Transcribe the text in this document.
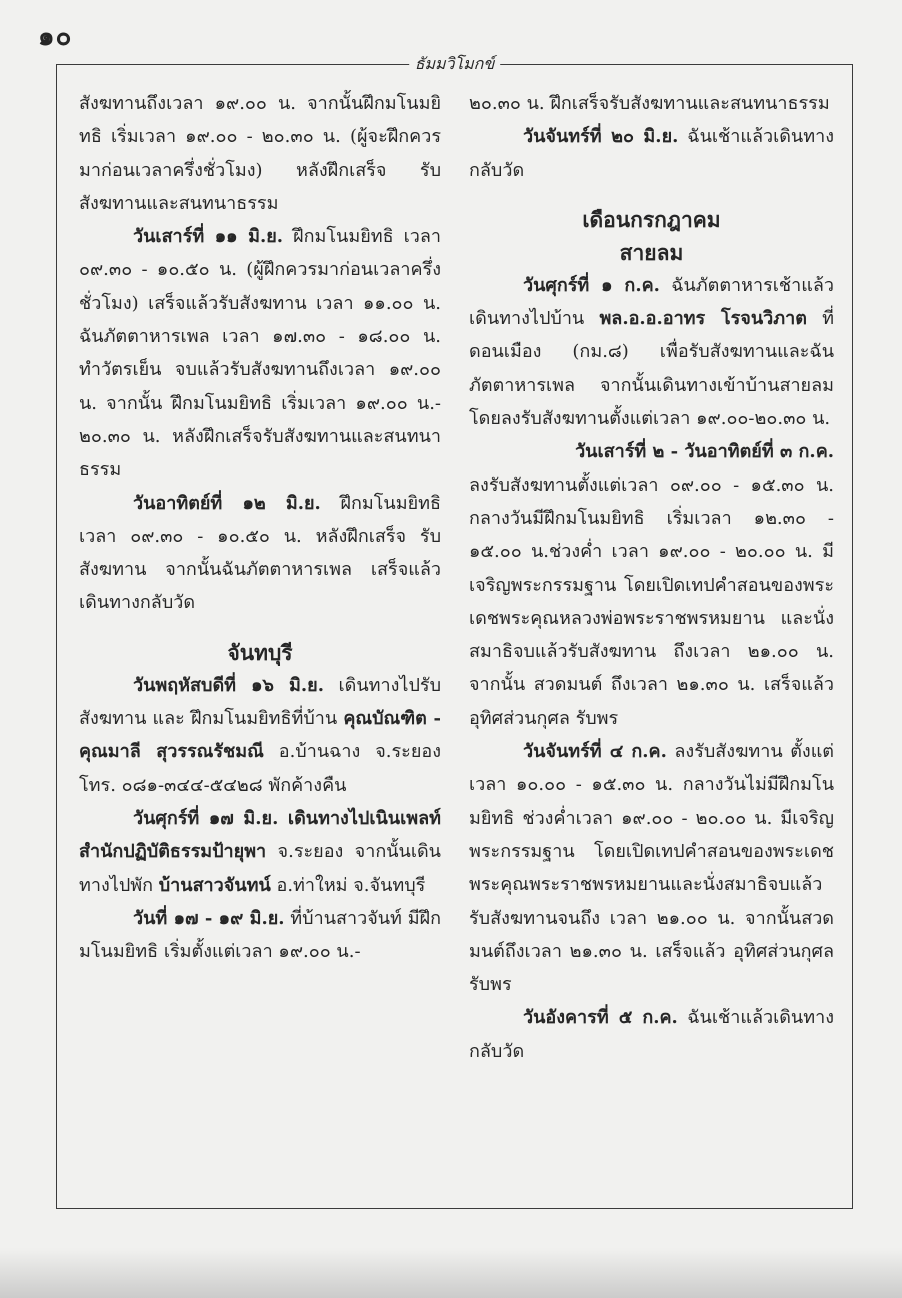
๑๐
ธัมมวิโมกข์

สังฆทานถึงเวลา ๑๙.๐๐ น. จากนั้นฝึกมโนมยิทธิ เริ่มเวลา ๑๙.๐๐ - ๒๐.๓๐ น. (ผู้จะฝึกควรมาก่อนเวลาครึ่งชั่วโมง) หลังฝึกเสร็จ รับสังฆทานและสนทนาธรรม

วันเสาร์ที่ ๑๑ มิ.ย. ฝึกมโนมยิทธิ เวลา ๐๙.๓๐ - ๑๐.๕๐ น. (ผู้ฝึกควรมาก่อนเวลาครึ่งชั่วโมง) เสร็จแล้วรับสังฆทาน เวลา ๑๑.๐๐ น. ฉันภัตตาหารเพล เวลา ๑๗.๓๐ - ๑๘.๐๐ น. ทำวัตรเย็น จบแล้วรับสังฆทานถึงเวลา ๑๙.๐๐ น. จากนั้น ฝึกมโนมยิทธิ เริ่มเวลา ๑๙.๐๐ น.- ๒๐.๓๐ น. หลังฝึกเสร็จรับสังฆทานและสนทนาธรรม

วันอาทิตย์ที่ ๑๒ มิ.ย. ฝึกมโนมยิทธิ เวลา ๐๙.๓๐ - ๑๐.๕๐ น. หลังฝึกเสร็จ รับสังฆทาน จากนั้นฉันภัตตาหารเพล เสร็จแล้วเดินทางกลับวัด

จันทบุรี

วันพฤหัสบดีที่ ๑๖ มิ.ย. เดินทางไปรับสังฆทาน และ ฝึกมโนมยิทธิที่บ้าน คุณบัณฑิต - คุณมาลี สุวรรณรัชมณี อ.บ้านฉาง จ.ระยอง โทร. ๐๘๑-๓๔๔-๕๔๒๘ พักค้างคืน

วันศุกร์ที่ ๑๗ มิ.ย. เดินทางไปเนินเพลท์สำนักปฏิบัติธรรมป้ายุพา จ.ระยอง จากนั้นเดินทางไปพัก บ้านสาวจันทน์ อ.ท่าใหม่ จ.จันทบุรี

วันที่ ๑๗ - ๑๙ มิ.ย. ที่บ้านสาวจันท์ มีฝึกมโนมยิทธิ เริ่มตั้งแต่เวลา ๑๙.๐๐ น.-

๒๐.๓๐ น. ฝึกเสร็จรับสังฆทานและสนทนาธรรม

วันจันทร์ที่ ๒๐ มิ.ย. ฉันเช้าแล้วเดินทางกลับวัด

เดือนกรกฎาคม

สายลม

วันศุกร์ที่ ๑ ก.ค. ฉันภัตตาหารเช้าแล้ว เดินทางไปบ้าน พล.อ.อ.อาทร โรจนวิภาต ที่ดอนเมือง (กม.๘) เพื่อรับสังฆทานและฉันภัตตาหารเพล จากนั้นเดินทางเข้าบ้านสายลม โดยลงรับสังฆทานตั้งแต่เวลา ๑๙.๐๐-๒๐.๓๐ น.

วันเสาร์ที่ ๒ - วันอาทิตย์ที่ ๓ ก.ค.

ลงรับสังฆทานตั้งแต่เวลา ๐๙.๐๐ - ๑๕.๓๐ น. กลางวันมีฝึกมโนมยิทธิ เริ่มเวลา ๑๒.๓๐ - ๑๕.๐๐ น.ช่วงค่ำ เวลา ๑๙.๐๐ - ๒๐.๐๐ น. มีเจริญพระกรรมฐาน โดยเปิดเทปคำสอนของพระเดชพระคุณหลวงพ่อพระราชพรหมยาน และนั่งสมาธิจบแล้วรับสังฆทาน ถึงเวลา ๒๑.๐๐ น. จากนั้น สวดมนต์ ถึงเวลา ๒๑.๓๐ น. เสร็จแล้ว อุทิศส่วนกุศล รับพร

วันจันทร์ที่ ๔ ก.ค. ลงรับสังฆทาน ตั้งแต่เวลา ๑๐.๐๐ - ๑๕.๓๐ น. กลางวันไม่มีฝึกมโนมยิทธิ ช่วงค่ำเวลา ๑๙.๐๐ - ๒๐.๐๐ น. มีเจริญพระกรรมฐาน โดยเปิดเทปคำสอนของพระเดชพระคุณพระราชพรหมยานและนั่งสมาธิจบแล้วรับสังฆทานจนถึง เวลา ๒๑.๐๐ น. จากนั้นสวดมนต์ถึงเวลา ๒๑.๓๐ น. เสร็จแล้ว อุทิศส่วนกุศล รับพร

วันอังคารที่ ๕ ก.ค. ฉันเช้าแล้วเดินทางกลับวัด
